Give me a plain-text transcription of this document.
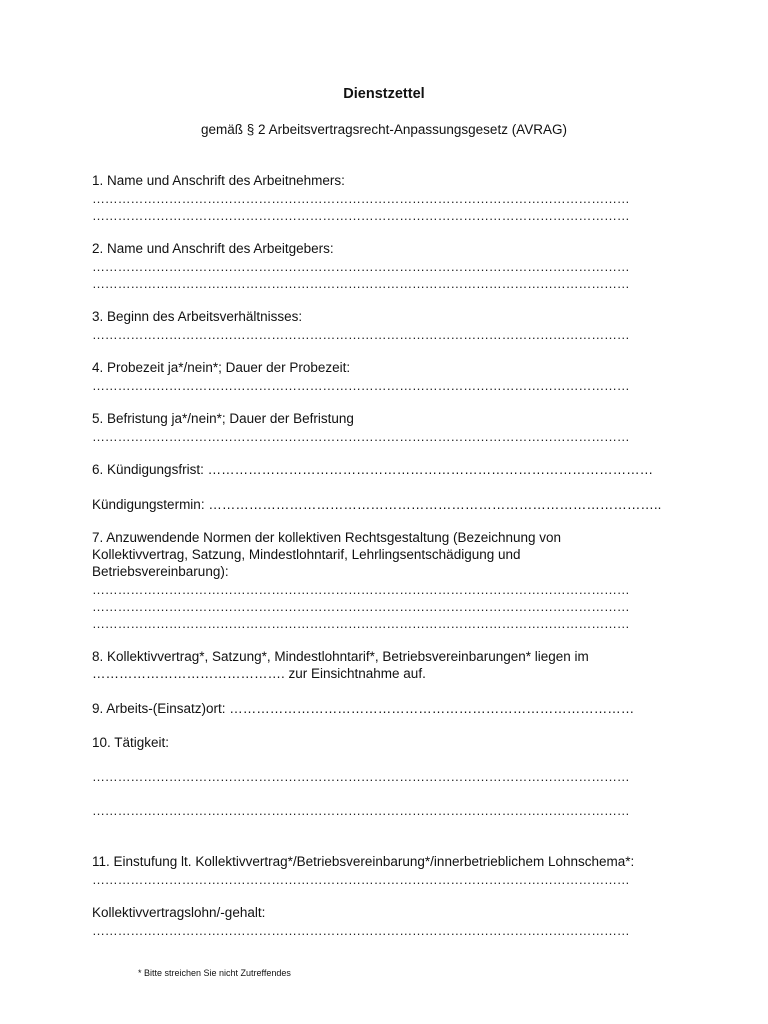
Dienstzettel
gemäß § 2 Arbeitsvertragsrecht-Anpassungsgesetz (AVRAG)
1. Name und Anschrift des Arbeitnehmers:
………………………………………………………………………………………………………………
………………………………………………………………………………………………………………
2. Name und Anschrift des Arbeitgebers:
………………………………………………………………………………………………………………
………………………………………………………………………………………………………………
3. Beginn des Arbeitsverhältnisses:
………………………………………………………………………………………………………………
4. Probezeit ja*/nein*; Dauer der Probezeit:
………………………………………………………………………………………………………………
5. Befristung ja*/nein*; Dauer der Befristung
………………………………………………………………………………………………………………
6. Kündigungsfrist: ………………………………………………………………………………………
Kündigungstermin: ………………………………………………………………………………………..
7. Anzuwendende Normen der kollektiven Rechtsgestaltung (Bezeichnung von
Kollektivvertrag, Satzung, Mindestlohntarif, Lehrlingsentschädigung und
Betriebsvereinbarung):
………………………………………………………………………………………………………………
………………………………………………………………………………………………………………
………………………………………………………………………………………………………………
8. Kollektivvertrag*, Satzung*, Mindestlohntarif*, Betriebsvereinbarungen* liegen im
……………………………………. zur Einsichtnahme auf.
9. Arbeits-(Einsatz)ort: ………………………………………………………………………………
10. Tätigkeit:
………………………………………………………………………………………………………………
………………………………………………………………………………………………………………
11. Einstufung lt. Kollektivvertrag*/Betriebsvereinbarung*/innerbetrieblichem Lohnschema*:
………………………………………………………………………………………………………………
Kollektivvertragslohn/-gehalt:
………………………………………………………………………………………………………………
* Bitte streichen Sie nicht Zutreffendes
